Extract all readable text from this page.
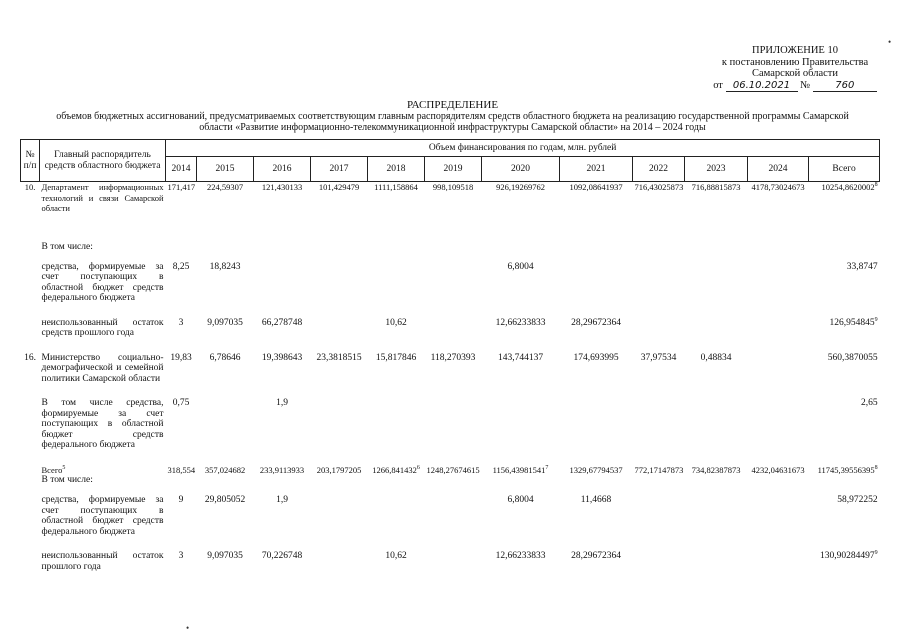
ПРИЛОЖЕНИЕ 10
к постановлению Правительства
Самарской области
от
06.10.2021
№
	760
•
•
РАСПРЕДЕЛЕНИЕ
объемов бюджетных ассигнований, предусматриваемых соответствующим главным распорядителям средств областного бюджета на реализацию государственной программы Самарской
области «Развитие информационно-телекоммуникационной инфраструктуры Самарской области» на 2014 – 2024 годы
№ п/п	Главный распорядитель средств областного бюджета	Объем финансирования по годам, млн. рублей											
		2014	2015	2016	2017	2018	2019	2020	2021	2022	2023	2024	Всего
10.	Департамент информационных технологий и связи Самарской области	171,417	224,59307	121,430133	101,429479	1111,158864	998,109518	926,19269762	1092,08641937	716,43025873	716,88815873	4178,73024673	10254,8620002$^8$

	В том числе:												
	средства, формируемые за счет поступающих в областной бюджет средств федерального бюджета	8,25	18,8243					6,8004					33,8747

	неиспользованный остаток средств прошлого года	3	9,097035	66,278748		10,62		12,66233833	28,29672364				126,954845$^9$

16.	Министерство социально-демографической и семейной политики Самарской области	19,83	6,78646	19,398643	23,3818515	15,817846	118,270393	143,744137	174,693995	37,97534	0,48834		560,3870055

	В том числе средства, формируемые за счет поступающих в областной бюджет средств федерального бюджета	0,75		1,9									2,65

	Всего$^5$	318,554	357,024682	233,9113933	203,1797205	1266,841432$^6$	1248,27674615	1156,43981541$^7$	1329,67794537	772,17147873	734,82387873	4232,04631673	11745,39556395$^8$
	В том числе:												
	средства, формируемые за счет поступающих в областной бюджет средств федерального бюджета	9	29,805052	1,9				6,8004	11,4668				58,972252

	неиспользованный остаток прошлого года	3	9,097035	70,226748		10,62		12,66233833	28,29672364				130,90284497$^9$
